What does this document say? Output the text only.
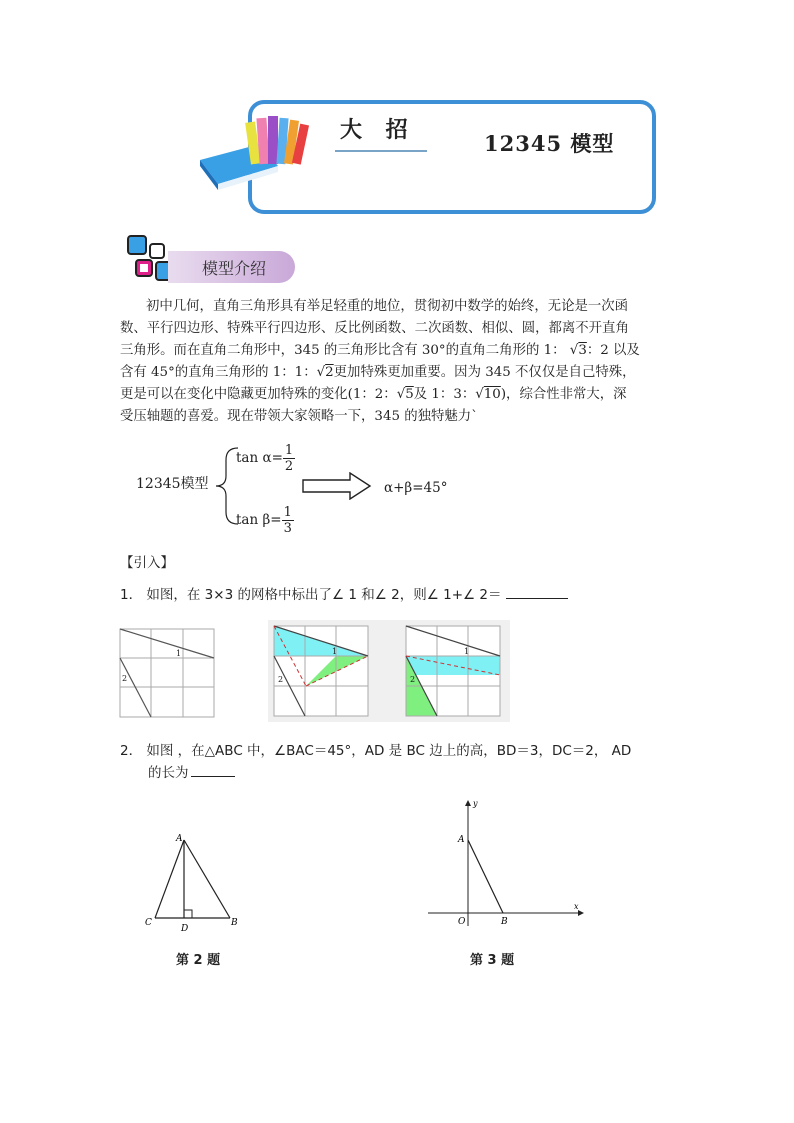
大 招
12345 模型
模型介绍
初中几何，直角三角形具有举足轻重的地位，贯彻初中数学的始终，无论是一次函
数、平行四边形、特殊平行四边形、反比例函数、二次函数、相似、圆，都离不开直角
三角形。而在直角二角形中，345 的三角形比含有 30°的直角二角形的 1： √3：2 以及
含有 45°的直角三角形的 1：1：√2更加特殊更加重要。因为 345 不仅仅是自己特殊，
更是可以在变化中隐藏更加特殊的变化(1：2：√5及 1：3：√10)，综合性非常大，深
受压轴题的喜爱。现在带领大家领略一下，345 的独特魅力`
12345模型
$\tan \alpha= \frac{1}{2}$
$\tan \beta= \frac{1}{3}$
α+β=45°
【引入】
1． 如图，在 3×3 的网格中标出了∠ 1 和∠ 2，则∠ 1+∠ 2＝
1
2
1
2
1
2
2． 如图 ，在△ABC 中，∠BAC＝45°，AD 是 BC 边上的高，BD＝3，DC＝2， AD
的长为
A
B
C
D
第 2 题
A
B
O
x
y
第 3 题
